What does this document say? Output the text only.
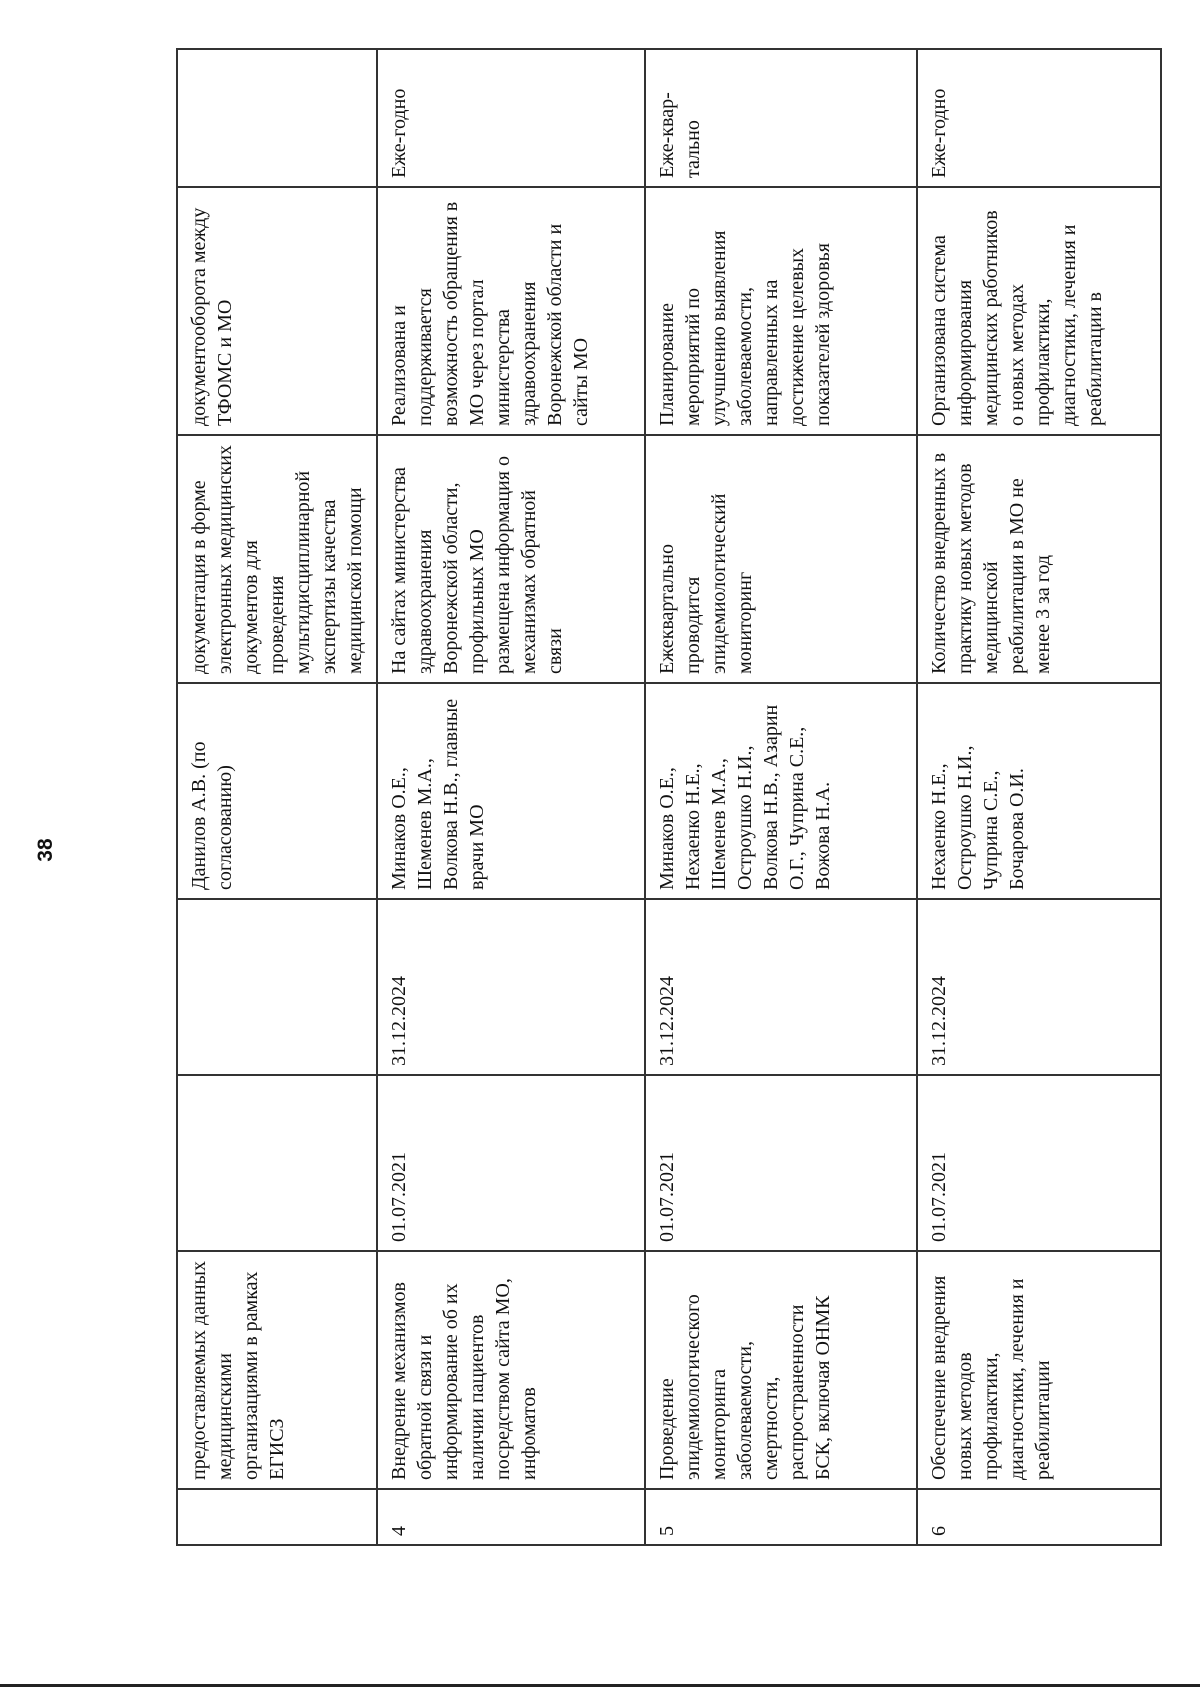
38
	предоставляемых данных медицинскими организациями в рамках ЕГИСЗ			Данилов А.В. (по согласованию)	документация в форме электронных медицинских документов для проведения мультидисциплинарной экспертизы качества медицинской помощи	документооборота между ТФОМС и МО	
4	Внедрение механизмов обратной связи и информирование об их наличии пациентов посредством сайта МО, инфоматов	01.07.2021	31.12.2024	Минаков О.Е., Шеменев М.А., Волкова Н.В., главные врачи МО	На сайтах министерства здравоохранения Воронежской области, профильных МО размещена информация о механизмах обратной связи	Реализована и поддерживается возможность обращения в МО через портал министерства здравоохранения Воронежской области и сайты МО	Еже-годно
5	Проведение эпидемиологического мониторинга заболеваемости, смертности, распространенности БСК, включая ОНМК	01.07.2021	31.12.2024	Минаков О.Е., Нехаенко Н.Е., Шеменев М.А., Остроушко Н.И., Волкова Н.В., Азарин О.Г., Чуприна С.Е., Вожова Н.А.	Ежеквартально проводится эпидемиологический мониторинг	Планирование мероприятий по улучшению выявления заболеваемости, направленных на достижение целевых показателей здоровья	Еже-квар-тально
6	Обеспечение внедрения новых методов профилактики, диагностики, лечения и реабилитации	01.07.2021	31.12.2024	Нехаенко Н.Е., Остроушко Н.И., Чуприна С.Е., Бочарова О.И.	Количество внедренных в практику новых методов медицинской реабилитации в МО не менее 3 за год	Организована система информирования медицинских работников о новых методах профилактики, диагностики, лечения и реабилитации в	Еже-годно
